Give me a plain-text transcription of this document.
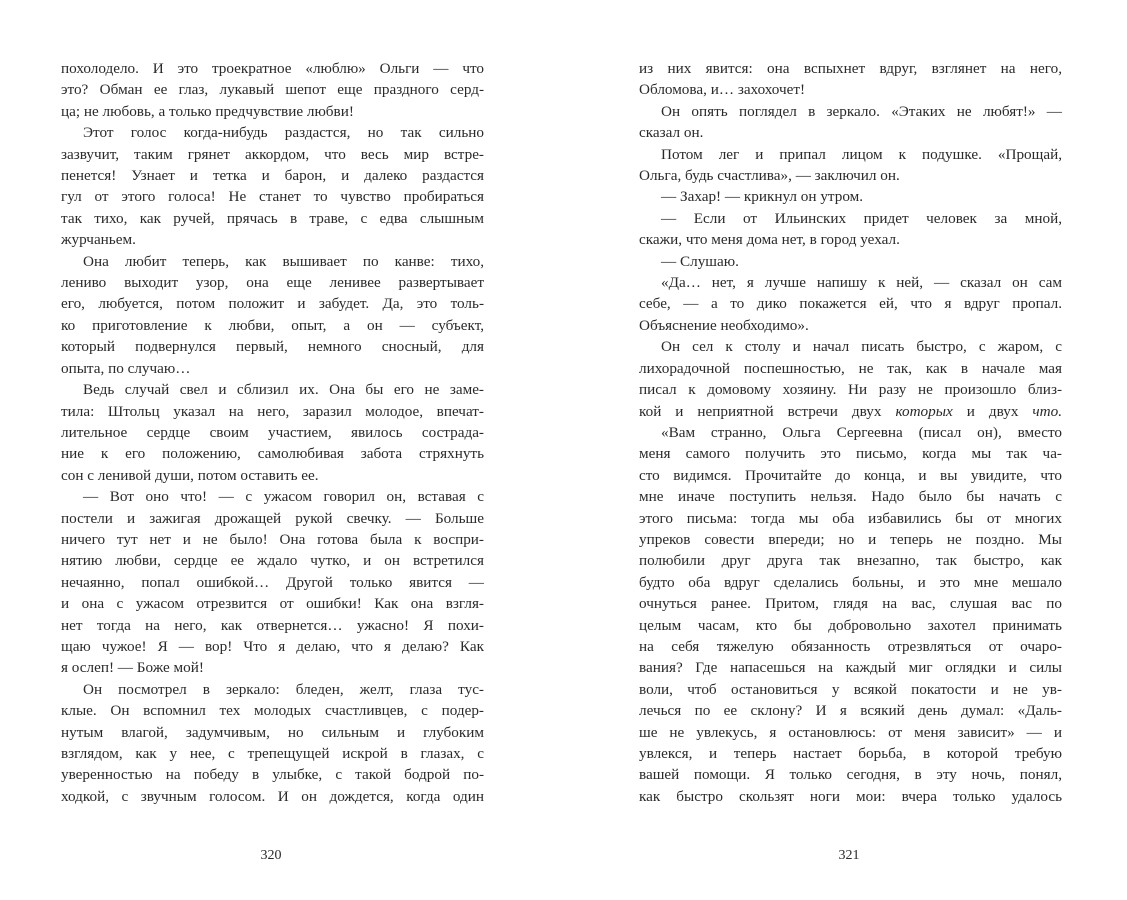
похолодело. И это троекратное «люблю» Ольги — что
это? Обман ее глаз, лукавый шепот еще праздного серд-
ца; не любовь, а только предчувствие любви!

Этот голос когда-нибудь раздастся, но так сильно
зазвучит, таким грянет аккордом, что весь мир встре-
пенется! Узнает и тетка и барон, и далеко раздастся
гул от этого голоса! Не станет то чувство пробираться
так тихо, как ручей, прячась в траве, с едва слышным
журчаньем.

Она любит теперь, как вышивает по канве: тихо,
лениво выходит узор, она еще ленивее развертывает
его, любуется, потом положит и забудет. Да, это толь-
ко приготовление к любви, опыт, а он — субъект,
который подвернулся первый, немного сносный, для
опыта, по случаю…

Ведь случай свел и сблизил их. Она бы его не заме-
тила: Штольц указал на него, заразил молодое, впечат-
лительное сердце своим участием, явилось сострада-
ние к его положению, самолюбивая забота стряхнуть
сон с ленивой души, потом оставить ее.

— Вот оно что! — с ужасом говорил он, вставая с
постели и зажигая дрожащей рукой свечку. — Больше
ничего тут нет и не было! Она готова была к воспри-
нятию любви, сердце ее ждало чутко, и он встретился
нечаянно, попал ошибкой… Другой только явится —
и она с ужасом отрезвится от ошибки! Как она взгля-
нет тогда на него, как отвернется… ужасно! Я похи-
щаю чужое! Я — вор! Что я делаю, что я делаю? Как
я ослеп! — Боже мой!

Он посмотрел в зеркало: бледен, желт, глаза тус-
клые. Он вспомнил тех молодых счастливцев, с подер-
нутым влагой, задумчивым, но сильным и глубоким
взглядом, как у нее, с трепещущей искрой в глазах, с
уверенностью на победу в улыбке, с такой бодрой по-
ходкой, с звучным голосом. И он дождется, когда один

из них явится: она вспыхнет вдруг, взглянет на него,
Обломова, и… захохочет!

Он опять поглядел в зеркало. «Этаких не любят!» —
сказал он.

Потом лег и припал лицом к подушке. «Прощай,
Ольга, будь счастлива», — заключил он.

— Захар! — крикнул он утром.

— Если от Ильинских придет человек за мной,
скажи, что меня дома нет, в город уехал.

— Слушаю.

«Да… нет, я лучше напишу к ней, — сказал он сам
себе, — а то дико покажется ей, что я вдруг пропал.
Объяснение необходимо».

Он сел к столу и начал писать быстро, с жаром, с
лихорадочной поспешностью, не так, как в начале мая
писал к домовому хозяину. Ни разу не произошло близ-
кой и неприятной встречи двух которых и двух что.

«Вам странно, Ольга Сергеевна (писал он), вместо
меня самого получить это письмо, когда мы так ча-
сто видимся. Прочитайте до конца, и вы увидите, что
мне иначе поступить нельзя. Надо было бы начать с
этого письма: тогда мы оба избавились бы от многих
упреков совести впереди; но и теперь не поздно. Мы
полюбили друг друга так внезапно, так быстро, как
будто оба вдруг сделались больны, и это мне мешало
очнуться ранее. Притом, глядя на вас, слушая вас по
целым часам, кто бы добровольно захотел принимать
на себя тяжелую обязанность отрезвляться от очаро-
вания? Где напасешься на каждый миг оглядки и силы
воли, чтоб остановиться у всякой покатости и не ув-
лечься по ее склону? И я всякий день думал: «Даль-
ше не увлекусь, я остановлюсь: от меня зависит» — и
увлекся, и теперь настает борьба, в которой требую
вашей помощи. Я только сегодня, в эту ночь, понял,
как быстро скользят ноги мои: вчера только удалось

320	321
